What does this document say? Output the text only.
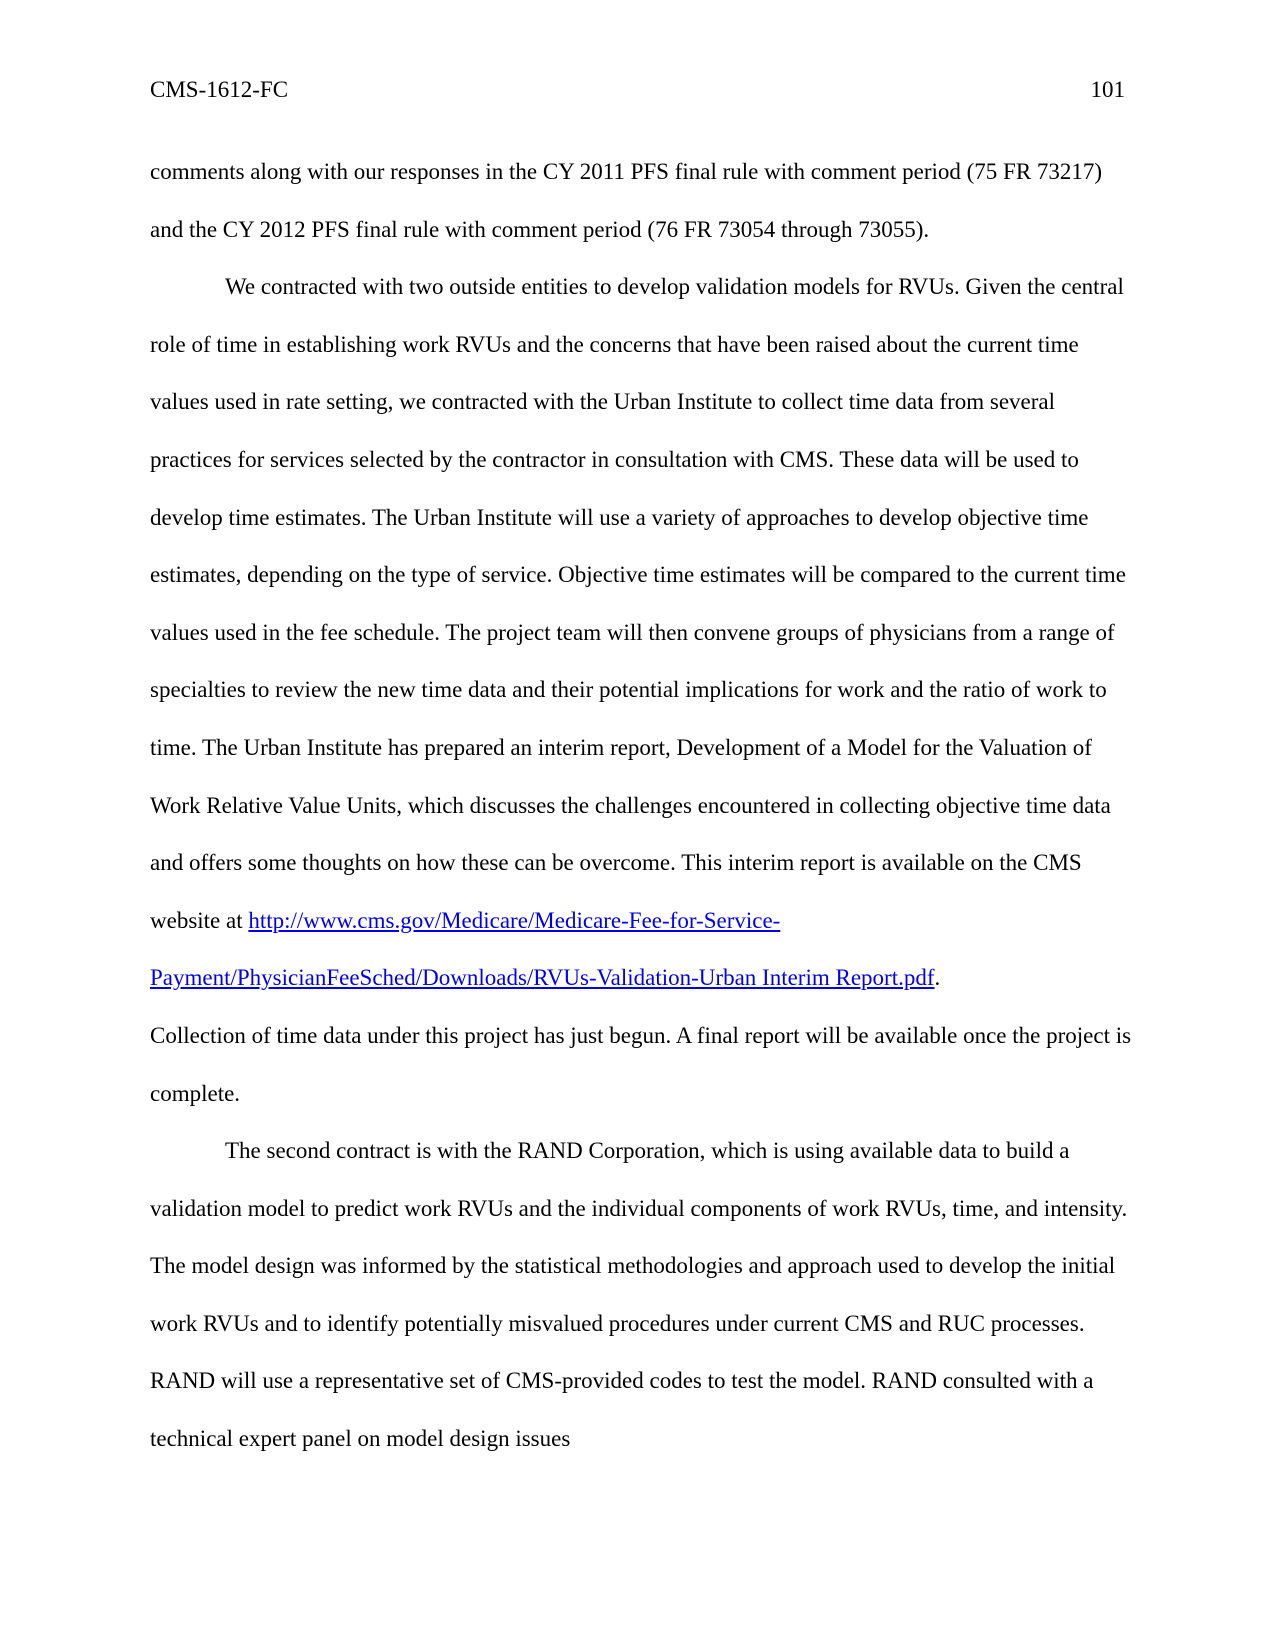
CMS-1612-FC	101

comments along with our responses in the CY 2011 PFS final rule with comment period (75 FR 73217) and the CY 2012 PFS final rule with comment period (76 FR 73054 through 73055).

We contracted with two outside entities to develop validation models for RVUs. Given the central role of time in establishing work RVUs and the concerns that have been raised about the current time values used in rate setting, we contracted with the Urban Institute to collect time data from several practices for services selected by the contractor in consultation with CMS. These data will be used to develop time estimates. The Urban Institute will use a variety of approaches to develop objective time estimates, depending on the type of service. Objective time estimates will be compared to the current time values used in the fee schedule. The project team will then convene groups of physicians from a range of specialties to review the new time data and their potential implications for work and the ratio of work to time. The Urban Institute has prepared an interim report, Development of a Model for the Valuation of Work Relative Value Units, which discusses the challenges encountered in collecting objective time data and offers some thoughts on how these can be overcome. This interim report is available on the CMS website at http://www.cms.gov/Medicare/Medicare-Fee-for-Service-
Payment/PhysicianFeeSched/Downloads/RVUs-Validation-Urban Interim Report.pdf.

Collection of time data under this project has just begun. A final report will be available once the project is complete.

The second contract is with the RAND Corporation, which is using available data to build a validation model to predict work RVUs and the individual components of work RVUs, time, and intensity. The model design was informed by the statistical methodologies and approach used to develop the initial work RVUs and to identify potentially misvalued procedures under current CMS and RUC processes. RAND will use a representative set of CMS-provided codes to test the model. RAND consulted with a technical expert panel on model design issues
